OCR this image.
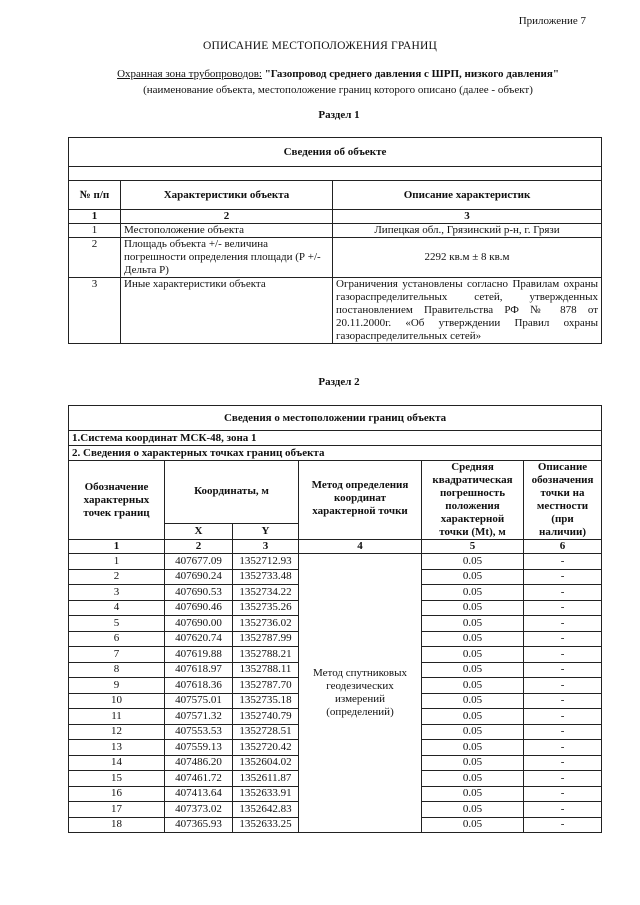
Приложение 7
ОПИСАНИЕ МЕСТОПОЛОЖЕНИЯ ГРАНИЦ
Охранная зона трубопроводов: "Газопровод среднего давления с ШРП, низкого давления"
(наименование объекта, местоположение границ которого описано (далее - объект)
Раздел 1
Сведения об объекте		

№ п/п	Характеристики объекта	Описание характеристик
1	2	3
1	Местоположение объекта	Липецкая обл., Грязинский р-н, г. Грязи
2	Площадь объекта +/- величина погрешности определения площади (Р +/- Дельта Р)	2292 кв.м ± 8 кв.м
3	Иные характеристики объекта	Ограничения установлены согласно Правилам охраны газораспределительных сетей, утвержденных постановлением Правительства РФ № 878 от 20.11.2000г. «Об утверждении Правил охраны газораспределительных сетей»
Раздел 2
Сведения о местоположении границ объекта					
1.Система координат МСК-48, зона 1					
2. Сведения о характерных точках границ объекта					
Обозначение характерных точек границ	Координаты, м		Метод определения координат характерной точки	Средняя квадратическая погрешность положения характерной точки (Mt), м	Описание обозначения точки на местности (при наличии)
	X	Y			
1	2	3	4	5	6
1	407677.09	1352712.93	Метод спутниковых геодезических измерений (определений)	0.05	-
2	407690.24	1352733.48		0.05	-
3	407690.53	1352734.22		0.05	-
4	407690.46	1352735.26		0.05	-
5	407690.00	1352736.02		0.05	-
6	407620.74	1352787.99		0.05	-
7	407619.88	1352788.21		0.05	-
8	407618.97	1352788.11		0.05	-
9	407618.36	1352787.70		0.05	-
10	407575.01	1352735.18		0.05	-
11	407571.32	1352740.79		0.05	-
12	407553.53	1352728.51		0.05	-
13	407559.13	1352720.42		0.05	-
14	407486.20	1352604.02		0.05	-
15	407461.72	1352611.87		0.05	-
16	407413.64	1352633.91		0.05	-
17	407373.02	1352642.83		0.05	-
18	407365.93	1352633.25		0.05	-
